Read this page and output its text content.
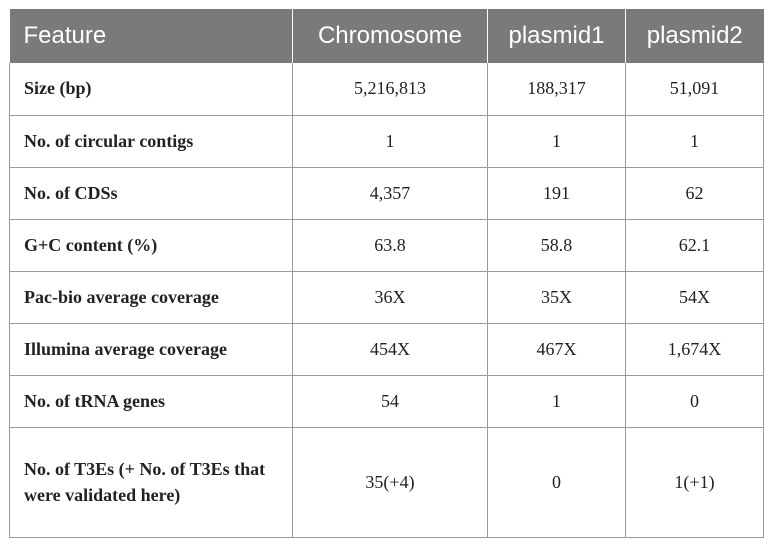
Feature	Chromosome	plasmid1	plasmid2
Size (bp)	5,216,813	188,317	51,091
No. of circular contigs	1	1	1
No. of CDSs	4,357	191	62
G+C content (%)	63.8	58.8	62.1
Pac-bio average coverage	36X	35X	54X
Illumina average coverage	454X	467X	1,674X
No. of tRNA genes	54	1	0
No. of T3Es (+ No. of T3Es that were validated here)	35(+4)	0	1(+1)
